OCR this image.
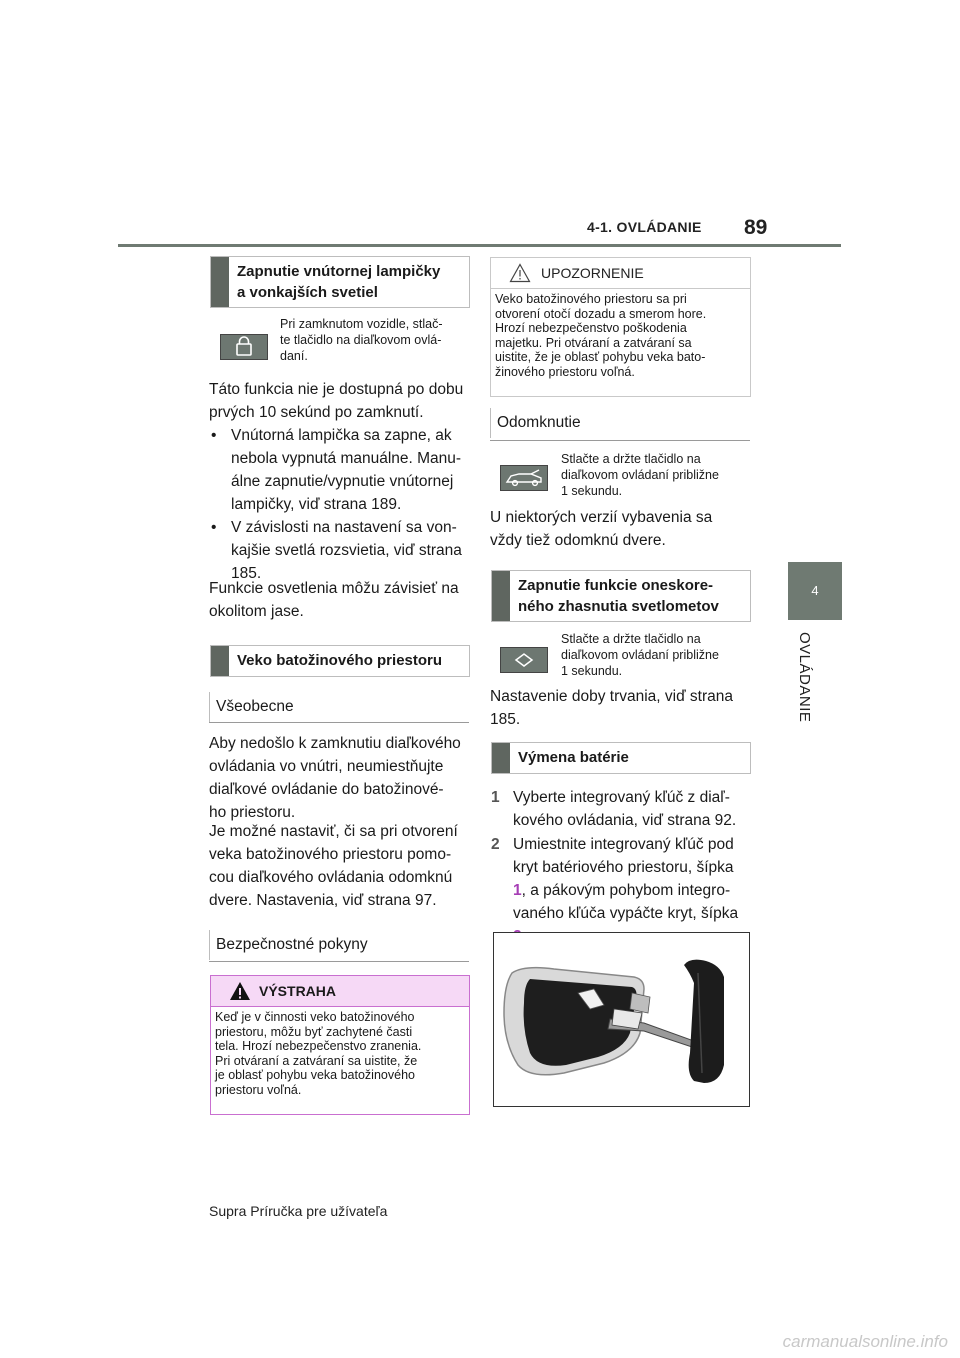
4-1. OVLÁDANIE 89
4
OVLÁDANIE
Zapnutie vnútornej lampičky
a vonkajších svetiel
Pri zamknutom vozidle, stlač-
te tlačidlo na diaľkovom ovlá-
daní.
Táto funkcia nie je dostupná po dobu
prvých 10 sekúnd po zamknutí.
• Vnútorná lampička sa zapne, ak
nebola vypnutá manuálne. Manu-
álne zapnutie/vypnutie vnútornej
lampičky, viď strana 189.
• V závislosti na nastavení sa von-
kajšie svetlá rozsvietia, viď strana
185.
Funkcie osvetlenia môžu závisieť na
okolitom jase.
Veko batožinového priestoru
Všeobecne
Aby nedošlo k zamknutiu diaľkového
ovládania vo vnútri, neumiestňujte
diaľkové ovládanie do batožinové-
ho priestoru.
Je možné nastaviť, či sa pri otvorení
veka batožinového priestoru pomo-
cou diaľkového ovládania odomknú
dvere. Nastavenia, viď strana 97.
Bezpečnostné pokyny
VÝSTRAHA
Keď je v činnosti veko batožinového
priestoru, môžu byť zachytené časti
tela. Hrozí nebezpečenstvo zranenia.
Pri otváraní a zatváraní sa uistite, že
je oblasť pohybu veka batožinového
priestoru voľná.
UPOZORNENIE
Veko batožinového priestoru sa pri
otvorení otočí dozadu a smerom hore.
Hrozí nebezpečenstvo poškodenia
majetku. Pri otváraní a zatváraní sa
uistite, že je oblasť pohybu veka bato-
žinového priestoru voľná.
Odomknutie
Stlačte a držte tlačidlo na
diaľkovom ovládaní približne
1 sekundu.
U niektorých verzií vybavenia sa
vždy tiež odomknú dvere.
Zapnutie funkcie oneskore-
ného zhasnutia svetlometov
Stlačte a držte tlačidlo na
diaľkovom ovládaní približne
1 sekundu.
Nastavenie doby trvania, viď strana
185.
Výmena batérie
1 Vyberte integrovaný kľúč z diaľ-
kového ovládania, viď strana 92.
2 Umiestnite integrovaný kľúč pod
kryt batériového priestoru, šípka
1, a pákovým pohybom integro-
vaného kľúča vypáčte kryt, šípka
Supra Príručka pre užívateľa
carmanualsonline.info
